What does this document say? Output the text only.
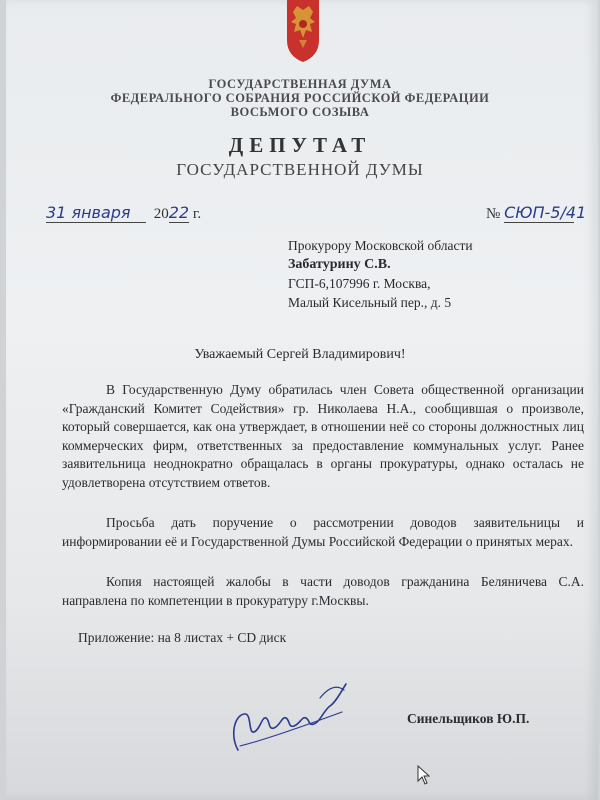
ГОСУДАРСТВЕННАЯ ДУМА
ФЕДЕРАЛЬНОГО СОБРАНИЯ РОССИЙСКОЙ ФЕДЕРАЦИИ
ВОСЬМОГО СОЗЫВА
ДЕПУТАТ
ГОСУДАРСТВЕННОЙ ДУМЫ
31 января 2022 г.	№ СЮП-5/41
Прокурору Московской области
Забатурину С.В.
ГСП-6,107996 г. Москва,
Малый Кисельный пер., д. 5
Уважаемый Сергей Владимирович!
В Государственную Думу обратилась член Совета общественной организации «Гражданский Комитет Содействия» гр. Николаева Н.А., сообщившая о произволе, который совершается, как она утверждает, в отношении неё со стороны должностных лиц коммерческих фирм, ответственных за предоставление коммунальных услуг. Ранее заявительница неоднократно обращалась в органы прокуратуры, однако осталась не удовлетворена отсутствием ответов.
Просьба дать поручение о рассмотрении доводов заявительницы и информировании её и Государственной Думы Российской Федерации о принятых мерах.
Копия настоящей жалобы в части доводов гражданина Беляничева С.А. направлена по компетенции в прокуратуру г.Москвы.
Приложение: на 8 листах + CD диск
Синельщиков Ю.П.
